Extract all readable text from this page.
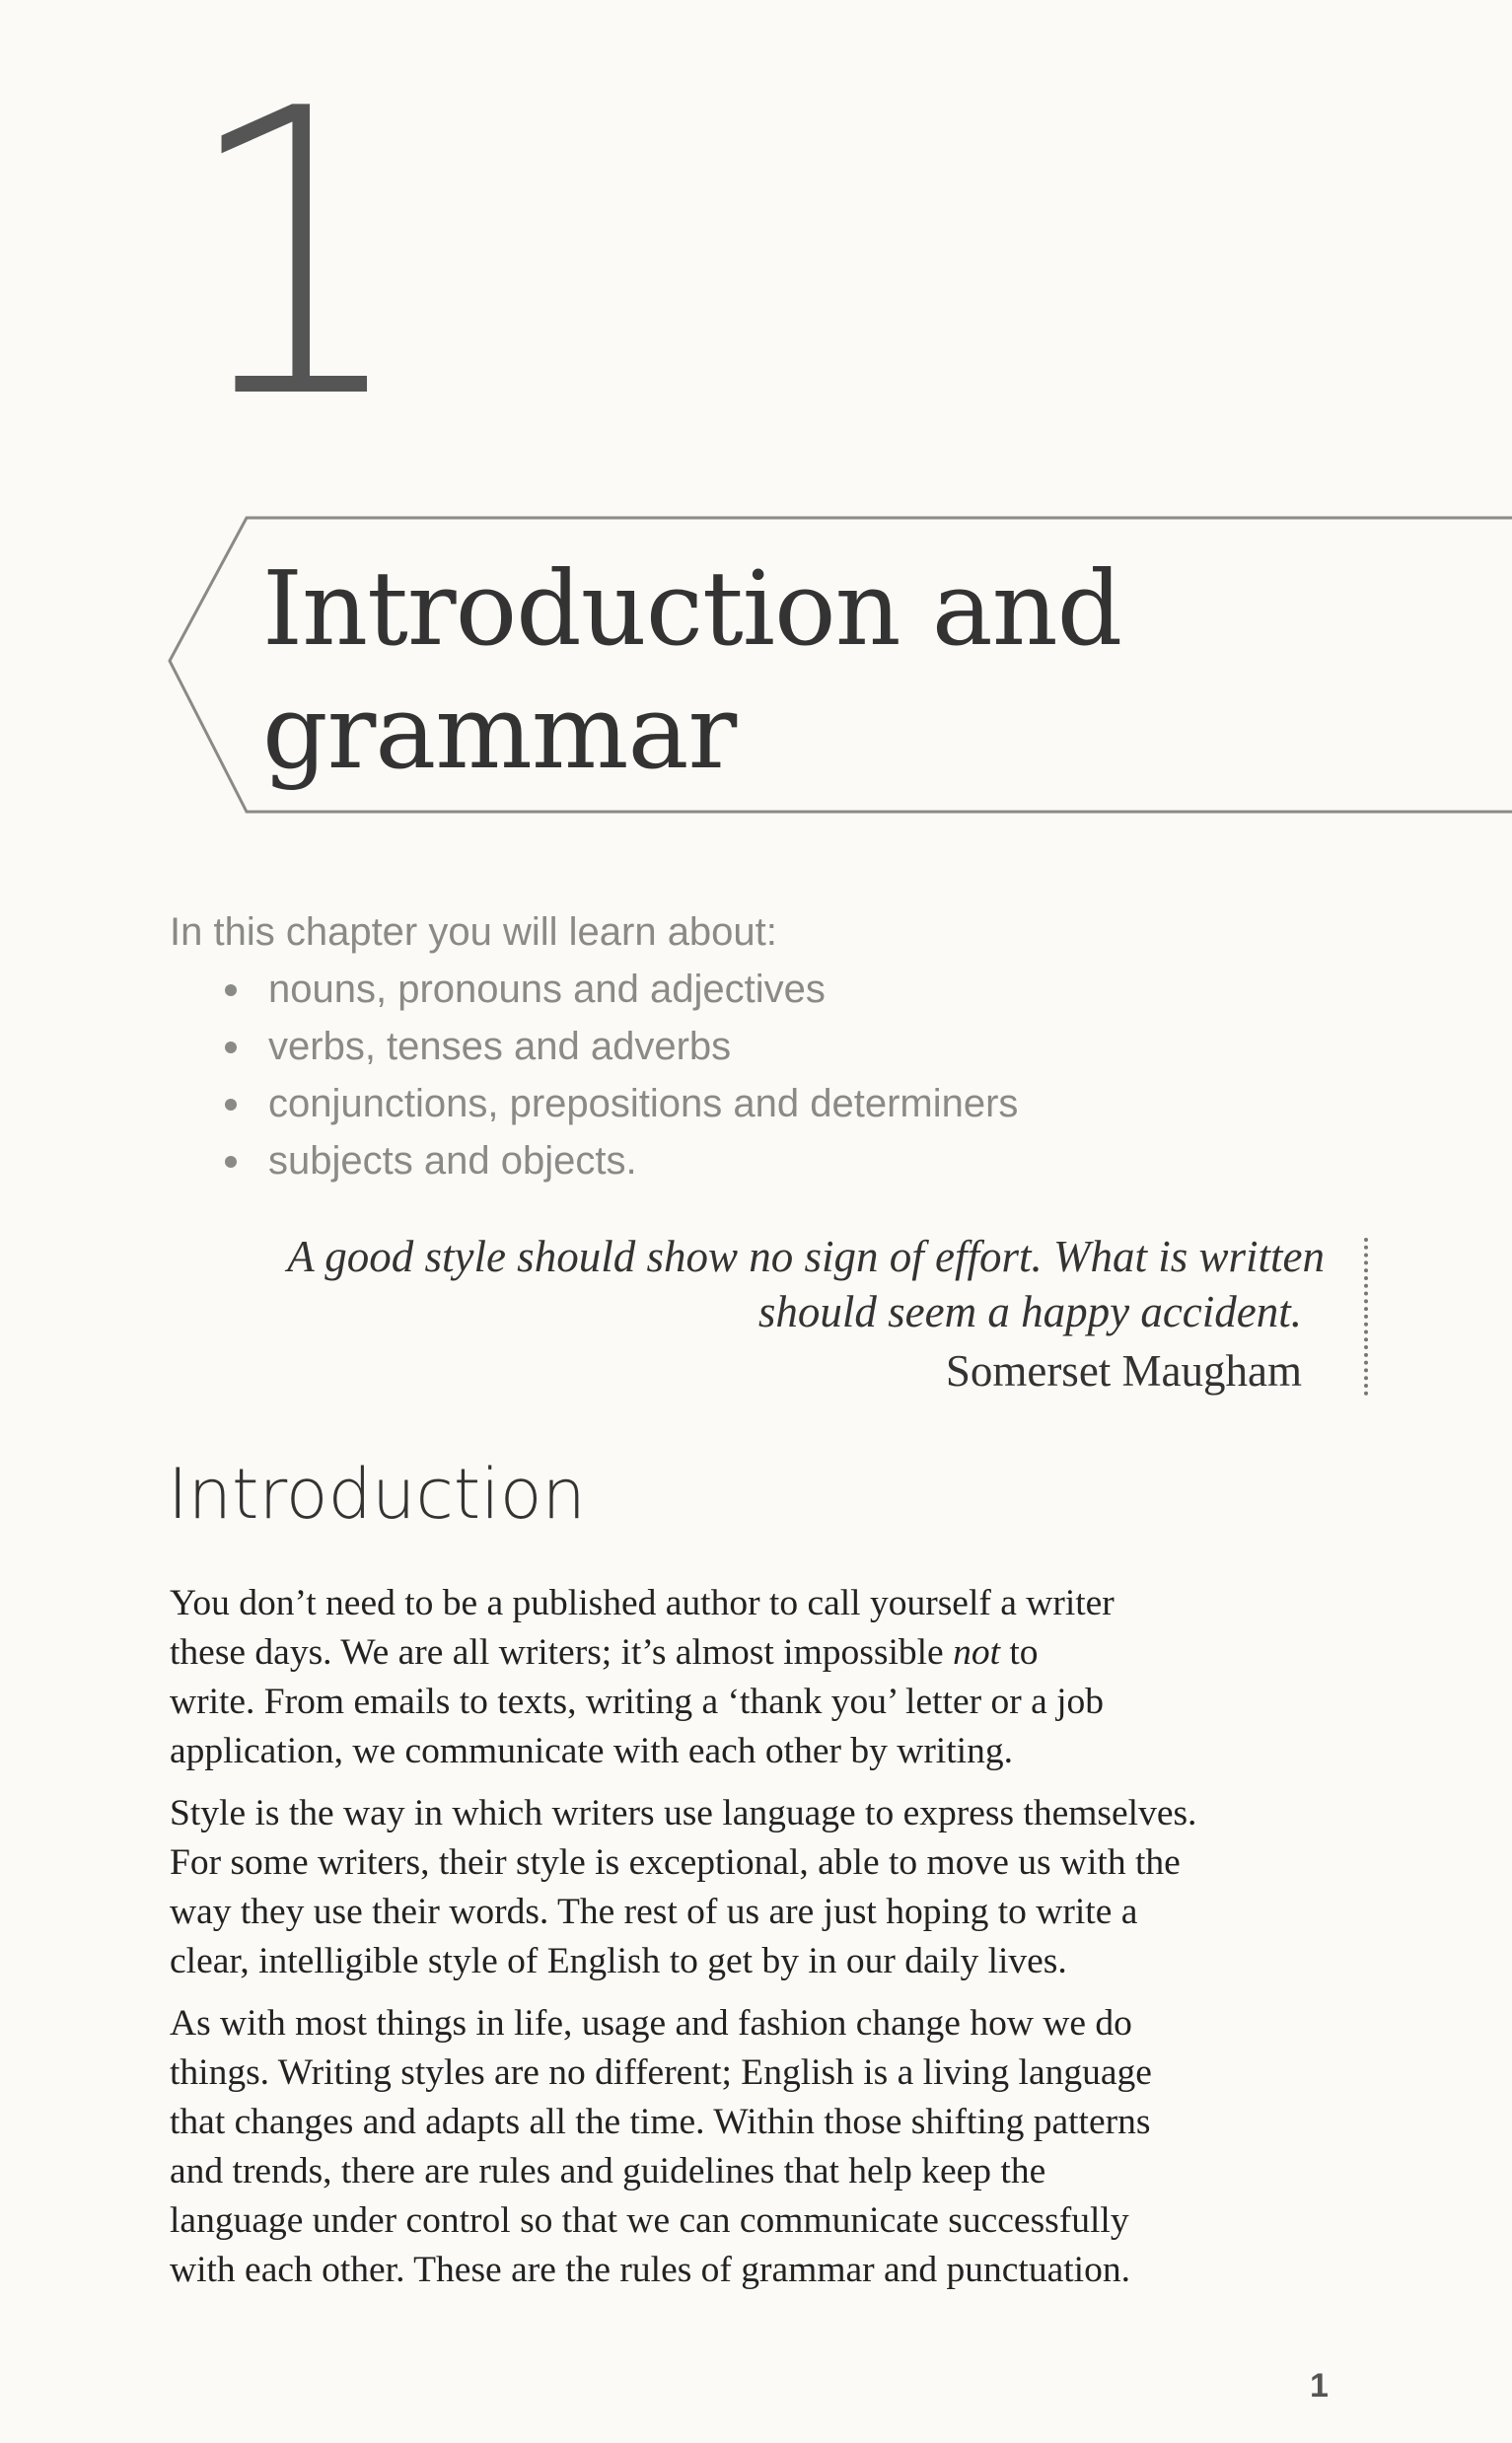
1
Introduction and
grammar
In this chapter you will learn about:
nouns, pronouns and adjectives
verbs, tenses and adverbs
conjunctions, prepositions and determiners
subjects and objects.
A good style should show no sign of effort. What is written
should seem a happy accident.
Somerset Maugham
Introduction
You don’t need to be a published author to call yourself a writer
these days. We are all writers; it’s almost impossible not to
write. From emails to texts, writing a ‘thank you’ letter or a job
application, we communicate with each other by writing.
Style is the way in which writers use language to express themselves.
For some writers, their style is exceptional, able to move us with the
way they use their words. The rest of us are just hoping to write a
clear, intelligible style of English to get by in our daily lives.
As with most things in life, usage and fashion change how we do
things. Writing styles are no different; English is a living language
that changes and adapts all the time. Within those shifting patterns
and trends, there are rules and guidelines that help keep the
language under control so that we can communicate successfully
with each other. These are the rules of grammar and punctuation.
1
